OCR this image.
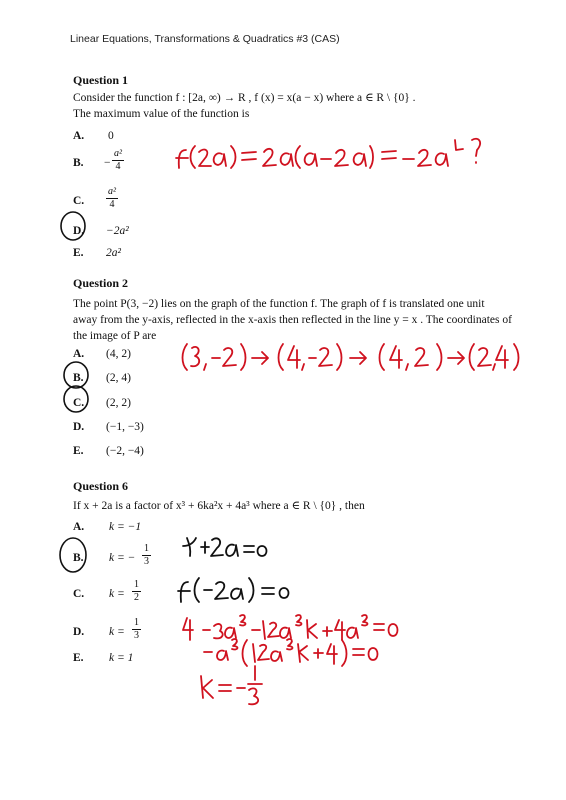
Linear Equations, Transformations & Quadratics #3 (CAS)
Question 1
Consider the function f : [2a, ∞) → R , f (x) = x(a − x) where a ∈ R \ {0} .
The maximum value of the function is
A. 0
B. − $\frac{\text{a²}}{4}$
C. $\frac{\text{a²}}{4}$
D. −2a²
E. 2a²
Question 2
The point P(3, −2) lies on the graph of the function f. The graph of f is translated one unit
away from the y-axis, reflected in the x-axis then reflected in the line y = x . The coordinates of
the image of P are
A. (4, 2)
B. (2, 4)
C. (2, 2)
D. (−1, −3)
E. (−2, −4)
Question 6
If x + 2a is a factor of x³ + 6ka²x + 4a³ where a ∈ R \ {0} , then
A. k = −1
B. k = − $\frac{1}{3}$
C. $k = \frac{1}{2}$
D. $k = \frac{1}{3}$
E. k = 1
